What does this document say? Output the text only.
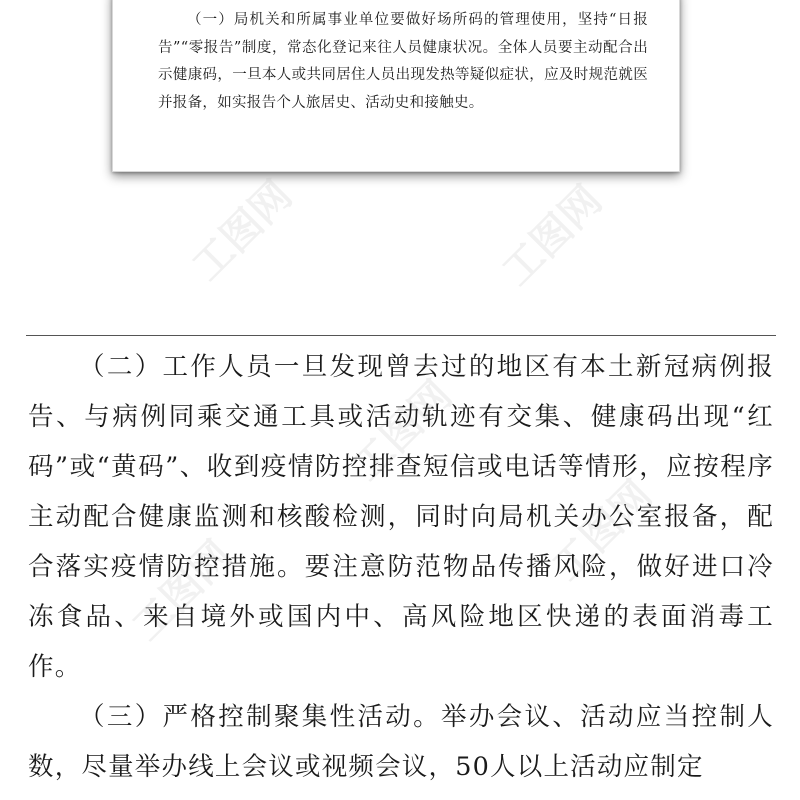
（一）局机关和所属事业单位要做好场所码的管理使用，坚持“日报告”“零报告”制度，常态化登记来往人员健康状况。全体人员要主动配合出示健康码，一旦本人或共同居住人员出现发热等疑似症状，应及时规范就医并报备，如实报告个人旅居史、活动史和接触史。

工图网	工图网
工图网
工图网
工图网

（二）工作人员一旦发现曾去过的地区有本土新冠病例报告、与病例同乘交通工具或活动轨迹有交集、健康码出现“红码”或“黄码”、收到疫情防控排查短信或电话等情形，应按程序主动配合健康监测和核酸检测，同时向局机关办公室报备，配合落实疫情防控措施。要注意防范物品传播风险，做好进口冷冻食品、来自境外或国内中、高风险地区快递的表面消毒工作。

（三）严格控制聚集性活动。举办会议、活动应当控制人数，尽量举办线上会议或视频会议，50人以上活动应制定
